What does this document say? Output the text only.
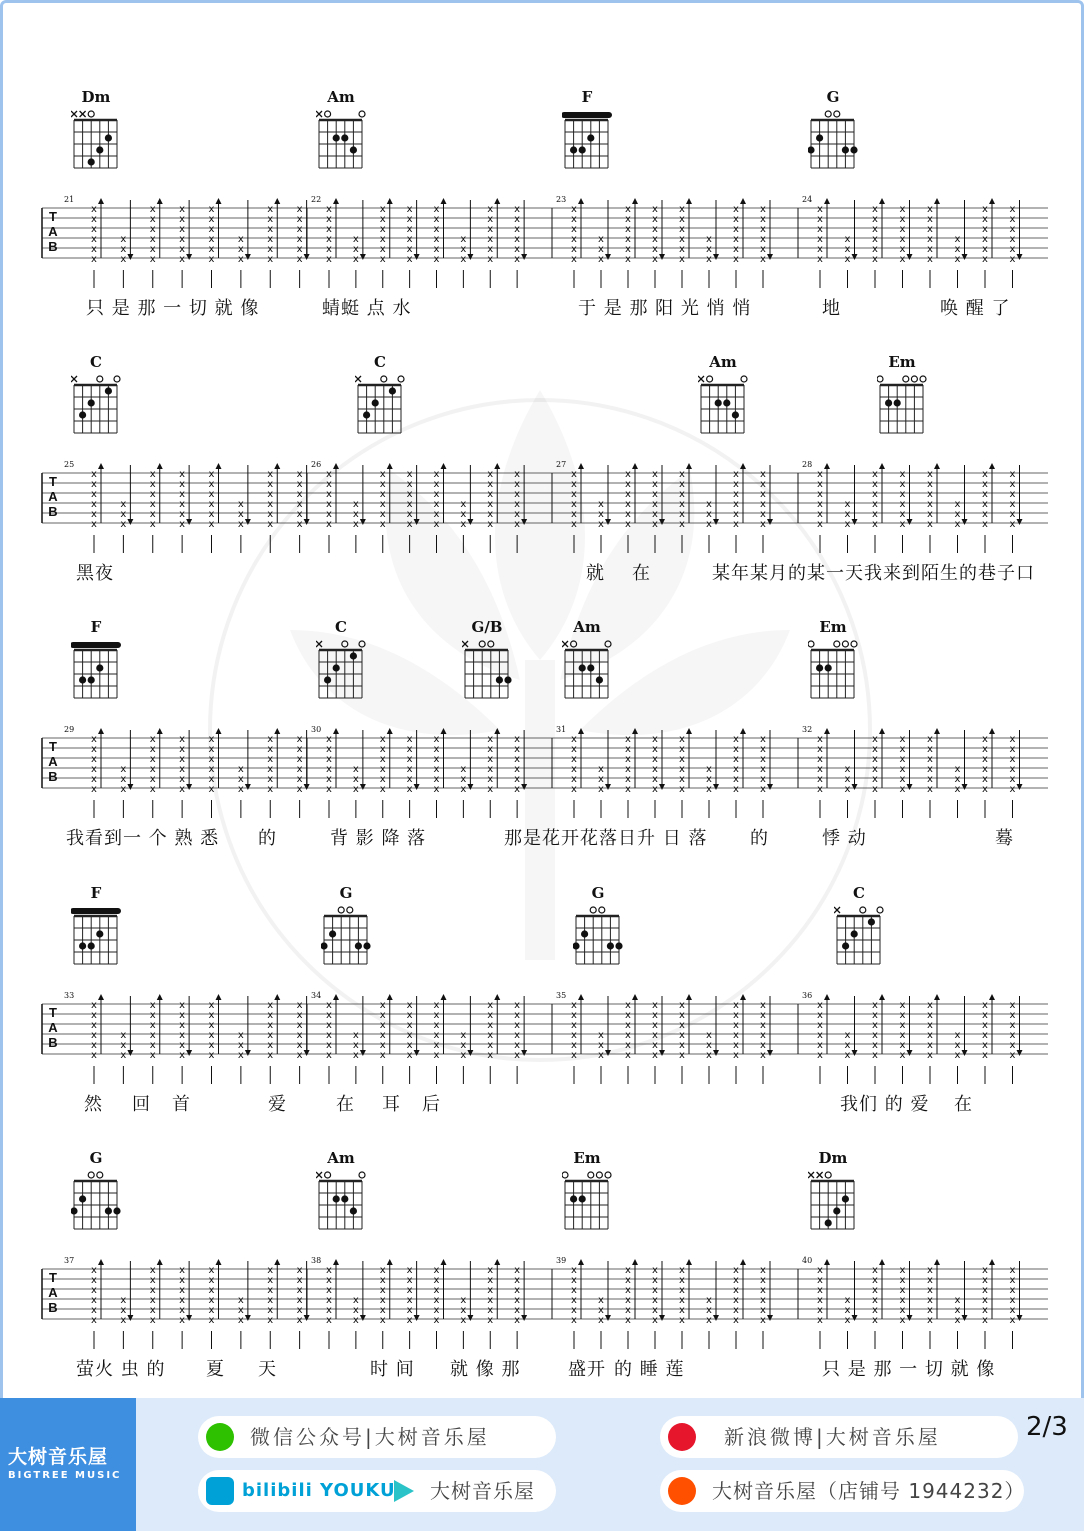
Dm	Am	F	G
T
A
B
21
x
x
x
x
x
x
x
x
x
x
x
x
x
x
x
x
x
x
x
x
x
x
x
x
x
x
x
x
x
x
x
x
x
x
x
x
x
x
x
x
x
x
22
x
x
x
x
x
x
x
x
x
x
x
x
x
x
x
x
x
x
x
x
x
x
x
x
x
x
x
x
x
x
x
x
x
x
x
x
x
x
x
x
x
x
23
x
x
x
x
x
x
x
x
x
x
x
x
x
x
x
x
x
x
x
x
x
x
x
x
x
x
x
x
x
x
x
x
x
x
x
x
x
x
x
x
x
x
24
x
x
x
x
x
x
x
x
x
x
x
x
x
x
x
x
x
x
x
x
x
x
x
x
x
x
x
x
x
x
x
x
x
x
x
x
x
x
x
x
x
x
只 是 那 一 切 就 像	蜻蜓 点 水	于 是 那 阳 光 悄 悄	地	唤 醒 了
C	C	Am	Em
T
A
B
25
x
x
x
x
x
x
x
x
x
x
x
x
x
x
x
x
x
x
x
x
x
x
x
x
x
x
x
x
x
x
x
x
x
x
x
x
x
x
x
x
x
x
26
x
x
x
x
x
x
x
x
x
x
x
x
x
x
x
x
x
x
x
x
x
x
x
x
x
x
x
x
x
x
x
x
x
x
x
x
x
x
x
x
x
x
27
x
x
x
x
x
x
x
x
x
x
x
x
x
x
x
x
x
x
x
x
x
x
x
x
x
x
x
x
x
x
x
x
x
x
x
x
x
x
x
x
x
x
28
x
x
x
x
x
x
x
x
x
x
x
x
x
x
x
x
x
x
x
x
x
x
x
x
x
x
x
x
x
x
x
x
x
x
x
x
x
x
x
x
x
x
黑夜	就 在	某年某月的某一天我来到陌生的巷子口
F	C	G/B	Am	Em
T
A
B
29
x
x
x
x
x
x
x
x
x
x
x
x
x
x
x
x
x
x
x
x
x
x
x
x
x
x
x
x
x
x
x
x
x
x
x
x
x
x
x
x
x
x
30
x
x
x
x
x
x
x
x
x
x
x
x
x
x
x
x
x
x
x
x
x
x
x
x
x
x
x
x
x
x
x
x
x
x
x
x
x
x
x
x
x
x
31
x
x
x
x
x
x
x
x
x
x
x
x
x
x
x
x
x
x
x
x
x
x
x
x
x
x
x
x
x
x
x
x
x
x
x
x
x
x
x
x
x
x
32
x
x
x
x
x
x
x
x
x
x
x
x
x
x
x
x
x
x
x
x
x
x
x
x
x
x
x
x
x
x
x
x
x
x
x
x
x
x
x
x
x
x
我看到一 个 熟 悉 的	背 影 降 落	那是花开花落日升 日 落 的	悸 动	蓦
F	G	G	C
T
A
B
33
x
x
x
x
x
x
x
x
x
x
x
x
x
x
x
x
x
x
x
x
x
x
x
x
x
x
x
x
x
x
x
x
x
x
x
x
x
x
x
x
x
x
34
x
x
x
x
x
x
x
x
x
x
x
x
x
x
x
x
x
x
x
x
x
x
x
x
x
x
x
x
x
x
x
x
x
x
x
x
x
x
x
x
x
x
35
x
x
x
x
x
x
x
x
x
x
x
x
x
x
x
x
x
x
x
x
x
x
x
x
x
x
x
x
x
x
x
x
x
x
x
x
x
x
x
x
x
x
36
x
x
x
x
x
x
x
x
x
x
x
x
x
x
x
x
x
x
x
x
x
x
x
x
x
x
x
x
x
x
x
x
x
x
x
x
x
x
x
x
x
x
然 回 首	爱	在 耳 后	我们 的 爱 在
G	Am	Em	Dm
T
A
B
37
x
x
x
x
x
x
x
x
x
x
x
x
x
x
x
x
x
x
x
x
x
x
x
x
x
x
x
x
x
x
x
x
x
x
x
x
x
x
x
x
x
x
38
x
x
x
x
x
x
x
x
x
x
x
x
x
x
x
x
x
x
x
x
x
x
x
x
x
x
x
x
x
x
x
x
x
x
x
x
x
x
x
x
x
x
39
x
x
x
x
x
x
x
x
x
x
x
x
x
x
x
x
x
x
x
x
x
x
x
x
x
x
x
x
x
x
x
x
x
x
x
x
x
x
x
x
x
x
40
x
x
x
x
x
x
x
x
x
x
x
x
x
x
x
x
x
x
x
x
x
x
x
x
x
x
x
x
x
x
x
x
x
x
x
x
x
x
x
x
x
x
萤火 虫 的 夏 天	时 间 就 像 那	盛开 的 睡 莲	只 是 那 一 切 就 像
大树音乐屋
BIGTREE MUSIC
微信公众号|大树音乐屋
bilibili YOUKU 大树音乐屋
新浪微博|大树音乐屋
大树音乐屋（店铺号 1944232）
2/3
